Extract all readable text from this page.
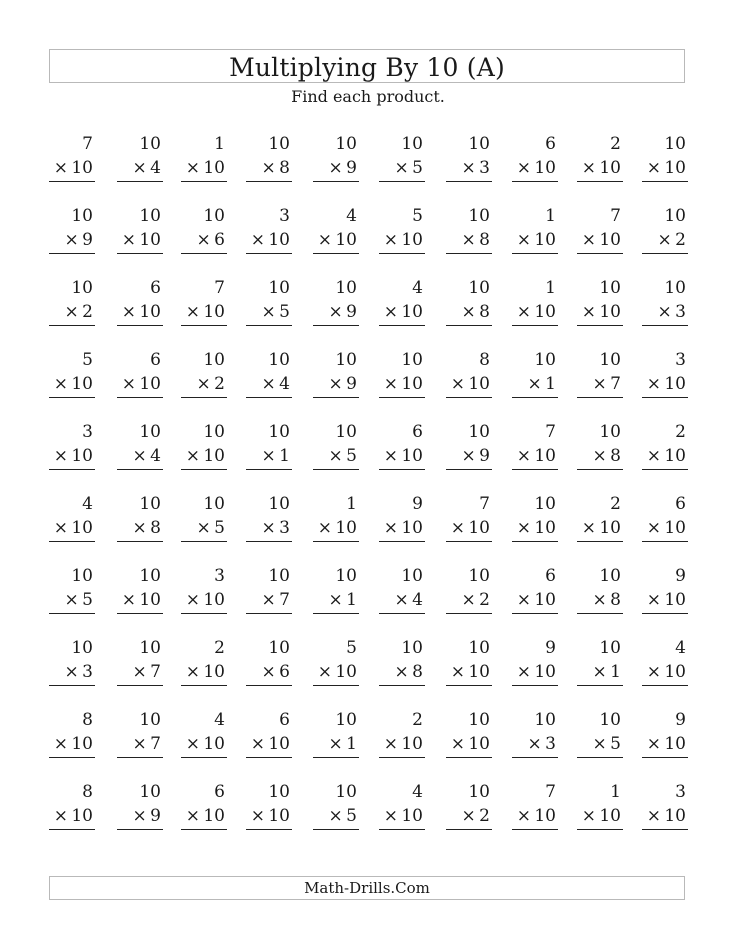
Multiplying By 10 (A)
Find each product.
7
× 10
10
× 4
1
× 10
10
× 8
10
× 9
10
× 5
10
× 3
6
× 10
2
× 10
10
× 10
10
× 9
10
× 10
10
× 6
3
× 10
4
× 10
5
× 10
10
× 8
1
× 10
7
× 10
10
× 2
10
× 2
6
× 10
7
× 10
10
× 5
10
× 9
4
× 10
10
× 8
1
× 10
10
× 10
10
× 3
5
× 10
6
× 10
10
× 2
10
× 4
10
× 9
10
× 10
8
× 10
10
× 1
10
× 7
3
× 10
3
× 10
10
× 4
10
× 10
10
× 1
10
× 5
6
× 10
10
× 9
7
× 10
10
× 8
2
× 10
4
× 10
10
× 8
10
× 5
10
× 3
1
× 10
9
× 10
7
× 10
10
× 10
2
× 10
6
× 10
10
× 5
10
× 10
3
× 10
10
× 7
10
× 1
10
× 4
10
× 2
6
× 10
10
× 8
9
× 10
10
× 3
10
× 7
2
× 10
10
× 6
5
× 10
10
× 8
10
× 10
9
× 10
10
× 1
4
× 10
8
× 10
10
× 7
4
× 10
6
× 10
10
× 1
2
× 10
10
× 10
10
× 3
10
× 5
9
× 10
8
× 10
10
× 9
6
× 10
10
× 10
10
× 5
4
× 10
10
× 2
7
× 10
1
× 10
3
× 10
Math-Drills.Com
